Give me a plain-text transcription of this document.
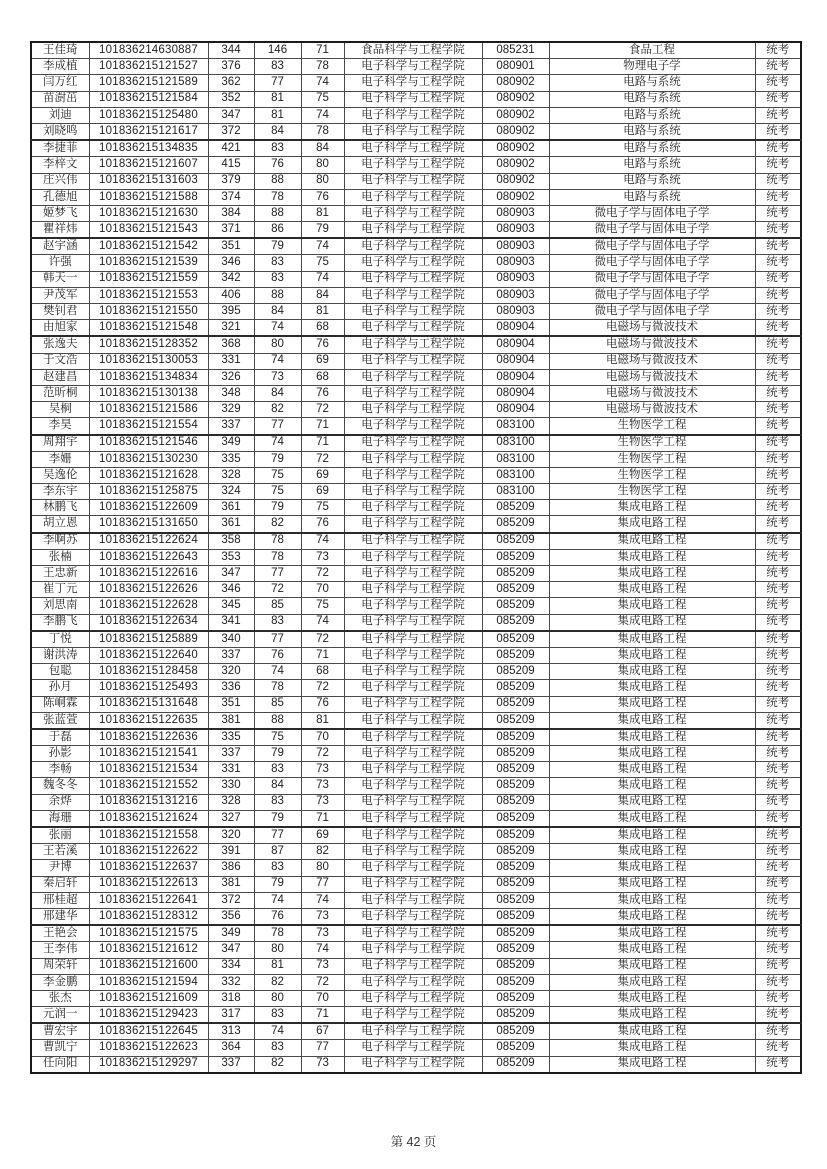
王佳琦	101836214630887	344	146	71	食品科学与工程学院	085231	食品工程	统考
李成植	101836215121527	376	83	78	电子科学与工程学院	080901	物理电子学	统考
闫万红	101836215121589	362	77	74	电子科学与工程学院	080902	电路与系统	统考
苗澍茁	101836215121584	352	81	75	电子科学与工程学院	080902	电路与系统	统考
刘迪	101836215125480	347	81	74	电子科学与工程学院	080902	电路与系统	统考
刘晓鸣	101836215121617	372	84	78	电子科学与工程学院	080902	电路与系统	统考
李捷菲	101836215134835	421	83	84	电子科学与工程学院	080902	电路与系统	统考
李梓文	101836215121607	415	76	80	电子科学与工程学院	080902	电路与系统	统考
庄兴伟	101836215131603	379	88	80	电子科学与工程学院	080902	电路与系统	统考
孔德旭	101836215121588	374	78	76	电子科学与工程学院	080902	电路与系统	统考
姬梦飞	101836215121630	384	88	81	电子科学与工程学院	080903	微电子学与固体电子学	统考
瞿祥炜	101836215121543	371	86	79	电子科学与工程学院	080903	微电子学与固体电子学	统考
赵宇涵	101836215121542	351	79	74	电子科学与工程学院	080903	微电子学与固体电子学	统考
许强	101836215121539	346	83	75	电子科学与工程学院	080903	微电子学与固体电子学	统考
韩天一	101836215121559	342	83	74	电子科学与工程学院	080903	微电子学与固体电子学	统考
尹茂军	101836215121553	406	88	84	电子科学与工程学院	080903	微电子学与固体电子学	统考
樊钊君	101836215121550	395	84	81	电子科学与工程学院	080903	微电子学与固体电子学	统考
由旭家	101836215121548	321	74	68	电子科学与工程学院	080904	电磁场与微波技术	统考
张逸夫	101836215128352	368	80	76	电子科学与工程学院	080904	电磁场与微波技术	统考
于文浩	101836215130053	331	74	69	电子科学与工程学院	080904	电磁场与微波技术	统考
赵建昌	101836215134834	326	73	68	电子科学与工程学院	080904	电磁场与微波技术	统考
范昕桐	101836215130138	348	84	76	电子科学与工程学院	080904	电磁场与微波技术	统考
吴桐	101836215121586	329	82	72	电子科学与工程学院	080904	电磁场与微波技术	统考
李昊	101836215121554	337	77	71	电子科学与工程学院	083100	生物医学工程	统考
周翔宇	101836215121546	349	74	71	电子科学与工程学院	083100	生物医学工程	统考
李姗	101836215130230	335	79	72	电子科学与工程学院	083100	生物医学工程	统考
吴逸伦	101836215121628	328	75	69	电子科学与工程学院	083100	生物医学工程	统考
李东宇	101836215125875	324	75	69	电子科学与工程学院	083100	生物医学工程	统考
林鹏飞	101836215122609	361	79	75	电子科学与工程学院	085209	集成电路工程	统考
胡立恩	101836215131650	361	82	76	电子科学与工程学院	085209	集成电路工程	统考
李啊苏	101836215122624	358	78	74	电子科学与工程学院	085209	集成电路工程	统考
张楠	101836215122643	353	78	73	电子科学与工程学院	085209	集成电路工程	统考
王忠新	101836215122616	347	77	72	电子科学与工程学院	085209	集成电路工程	统考
崔丁元	101836215122626	346	72	70	电子科学与工程学院	085209	集成电路工程	统考
刘思南	101836215122628	345	85	75	电子科学与工程学院	085209	集成电路工程	统考
李鹏飞	101836215122634	341	83	74	电子科学与工程学院	085209	集成电路工程	统考
丁悦	101836215125889	340	77	72	电子科学与工程学院	085209	集成电路工程	统考
谢洪涛	101836215122640	337	76	71	电子科学与工程学院	085209	集成电路工程	统考
包聪	101836215128458	320	74	68	电子科学与工程学院	085209	集成电路工程	统考
孙月	101836215125493	336	78	72	电子科学与工程学院	085209	集成电路工程	统考
陈峒霖	101836215131648	351	85	76	电子科学与工程学院	085209	集成电路工程	统考
张蓝萱	101836215122635	381	88	81	电子科学与工程学院	085209	集成电路工程	统考
于磊	101836215122636	335	75	70	电子科学与工程学院	085209	集成电路工程	统考
孙影	101836215121541	337	79	72	电子科学与工程学院	085209	集成电路工程	统考
李畅	101836215121534	331	83	73	电子科学与工程学院	085209	集成电路工程	统考
魏冬冬	101836215121552	330	84	73	电子科学与工程学院	085209	集成电路工程	统考
余烨	101836215131216	328	83	73	电子科学与工程学院	085209	集成电路工程	统考
海珊	101836215121624	327	79	71	电子科学与工程学院	085209	集成电路工程	统考
张丽	101836215121558	320	77	69	电子科学与工程学院	085209	集成电路工程	统考
王若溪	101836215122622	391	87	82	电子科学与工程学院	085209	集成电路工程	统考
尹博	101836215122637	386	83	80	电子科学与工程学院	085209	集成电路工程	统考
秦启轩	101836215122613	381	79	77	电子科学与工程学院	085209	集成电路工程	统考
邢桂超	101836215122641	372	74	74	电子科学与工程学院	085209	集成电路工程	统考
邢建华	101836215128312	356	76	73	电子科学与工程学院	085209	集成电路工程	统考
王艳会	101836215121575	349	78	73	电子科学与工程学院	085209	集成电路工程	统考
王李伟	101836215121612	347	80	74	电子科学与工程学院	085209	集成电路工程	统考
周荣轩	101836215121600	334	81	73	电子科学与工程学院	085209	集成电路工程	统考
李金鹏	101836215121594	332	82	72	电子科学与工程学院	085209	集成电路工程	统考
张杰	101836215121609	318	80	70	电子科学与工程学院	085209	集成电路工程	统考
元润一	101836215129423	317	83	71	电子科学与工程学院	085209	集成电路工程	统考
曹宏宇	101836215122645	313	74	67	电子科学与工程学院	085209	集成电路工程	统考
曹凯宁	101836215122623	364	83	77	电子科学与工程学院	085209	集成电路工程	统考
任向阳	101836215129297	337	82	73	电子科学与工程学院	085209	集成电路工程	统考
第 42 页
